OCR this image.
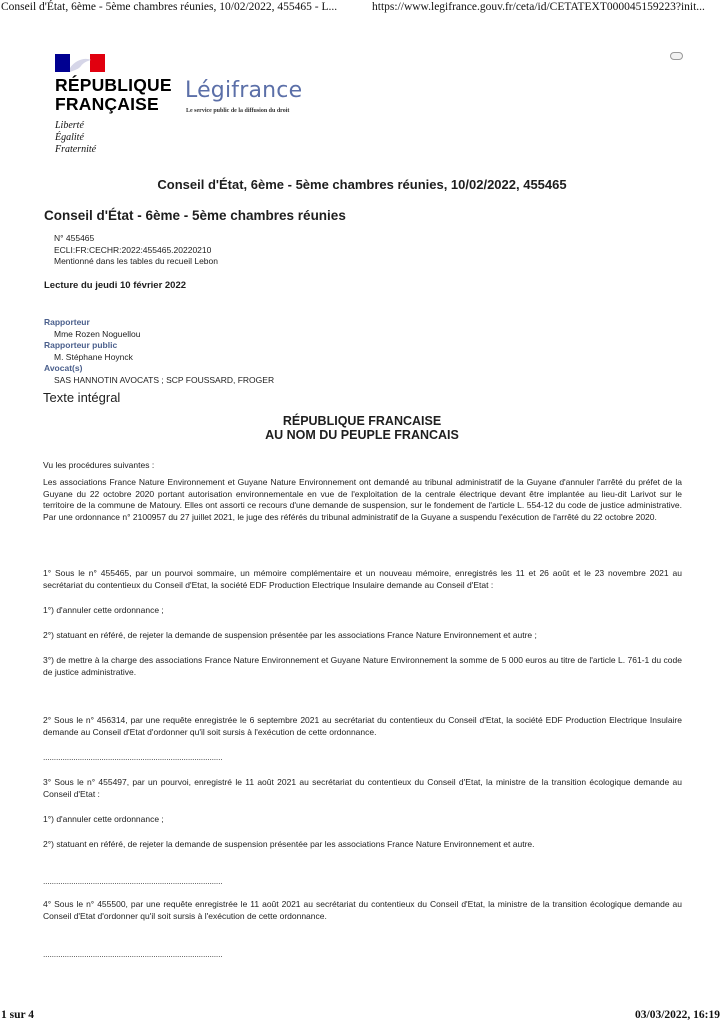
Conseil d'État, 6ème - 5ème chambres réunies, 10/02/2022, 455465 - L...	https://www.legifrance.gouv.fr/ceta/id/CETATEXT000045159223?init...
RÉPUBLIQUE
FRANÇAISE
Liberté
Égalité
Fraternité
Légifrance
Le service public de la diffusion du droit
Conseil d'État, 6ème - 5ème chambres réunies, 10/02/2022, 455465
Conseil d'État - 6ème - 5ème chambres réunies
N° 455465
ECLI:FR:CECHR:2022:455465.20220210
Mentionné dans les tables du recueil Lebon
Lecture du jeudi 10 février 2022
Rapporteur
Mme Rozen Noguellou
Rapporteur public
M. Stéphane Hoynck
Avocat(s)
SAS HANNOTIN AVOCATS ; SCP FOUSSARD, FROGER
Texte intégral
RÉPUBLIQUE FRANCAISE
AU NOM DU PEUPLE FRANCAIS

Vu les procédures suivantes :

Les associations France Nature Environnement et Guyane Nature Environnement ont demandé au tribunal administratif de la Guyane d'annuler l'arrêté du préfet de la Guyane du 22 octobre 2020 portant autorisation environnementale en vue de l'exploitation de la centrale électrique devant être implantée au lieu-dit Larivot sur le territoire de la commune de Matoury. Elles ont assorti ce recours d'une demande de suspension, sur le fondement de l'article L. 554-12 du code de justice administrative. Par une ordonnance n° 2100957 du 27 juillet 2021, le juge des référés du tribunal administratif de la Guyane a suspendu l'exécution de l'arrêté du 22 octobre 2020.

1° Sous le n° 455465, par un pourvoi sommaire, un mémoire complémentaire et un nouveau mémoire, enregistrés les 11 et 26 août et le 23 novembre 2021 au secrétariat du contentieux du Conseil d'Etat, la société EDF Production Electrique Insulaire demande au Conseil d'Etat :

1°) d'annuler cette ordonnance ;

2°) statuant en référé, de rejeter la demande de suspension présentée par les associations France Nature Environnement et autre ;

3°) de mettre à la charge des associations France Nature Environnement et Guyane Nature Environnement la somme de 5 000 euros au titre de l'article L. 761-1 du code de justice administrative.

2° Sous le n° 456314, par une requête enregistrée le 6 septembre 2021 au secrétariat du contentieux du Conseil d'Etat, la société EDF Production Electrique Insulaire demande au Conseil d'Etat d'ordonner qu'il soit sursis à l'exécution de cette ordonnance.

...................................................................................

3° Sous le n° 455497, par un pourvoi, enregistré le 11 août 2021 au secrétariat du contentieux du Conseil d'Etat, la ministre de la transition écologique demande au Conseil d'Etat :

1°) d'annuler cette ordonnance ;

2°) statuant en référé, de rejeter la demande de suspension présentée par les associations France Nature Environnement et autre.

...................................................................................

4° Sous le n° 455500, par une requête enregistrée le 11 août 2021 au secrétariat du contentieux du Conseil d'Etat, la ministre de la transition écologique demande au Conseil d'Etat d'ordonner qu'il soit sursis à l'exécution de cette ordonnance.

...................................................................................
1 sur 4	03/03/2022, 16:19
